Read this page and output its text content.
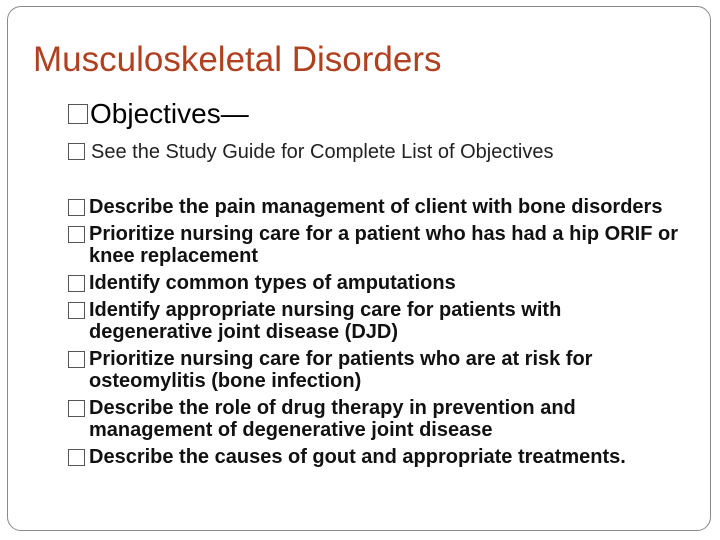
Musculoskeletal Disorders
Objectives—
See the Study Guide for Complete List of Objectives
Describe the pain management of client with bone disorders
Prioritize nursing care for a patient who has had a hip ORIF or knee replacement
Identify common types of amputations
Identify appropriate nursing care for patients with degenerative joint disease (DJD)
Prioritize nursing care for patients who are at risk for osteomylitis (bone infection)
Describe the role of drug therapy in prevention and management of degenerative joint disease
Describe the causes of gout and appropriate treatments.
